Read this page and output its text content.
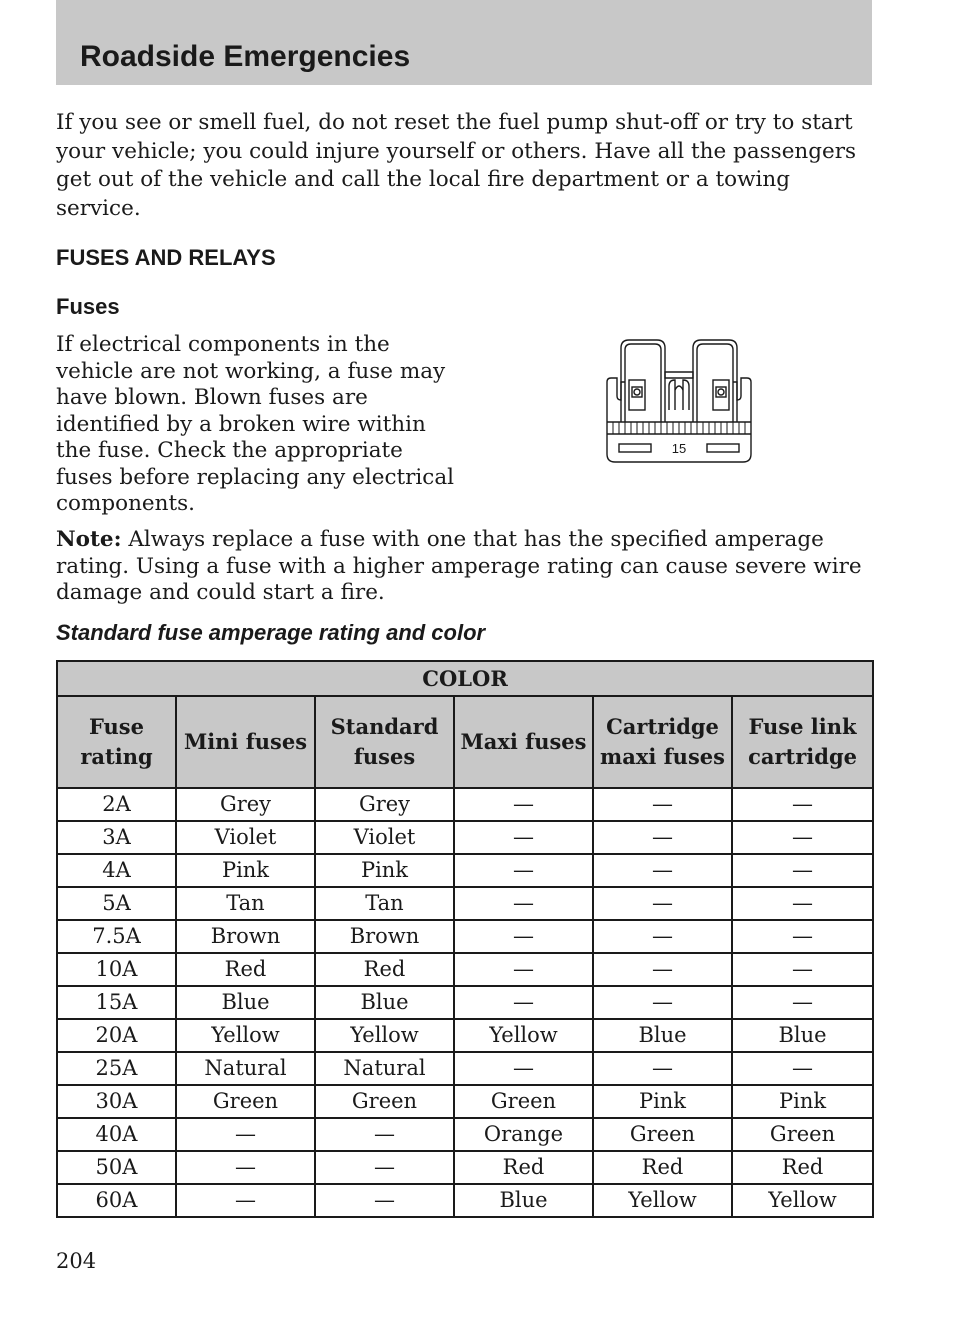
Roadside Emergencies

If you see or smell fuel, do not reset the fuel pump shut-off or try to start your vehicle; you could injure yourself or others. Have all the passengers get out of the vehicle and call the local fire department or a towing service.

FUSES AND RELAYS
Fuses

If electrical components in the vehicle are not working, a fuse may have blown. Blown fuses are identified by a broken wire within the fuse. Check the appropriate fuses before replacing any electrical components.

15

Note: Always replace a fuse with one that has the specified amperage rating. Using a fuse with a higher amperage rating can cause severe wire damage and could start a fire.

Standard fuse amperage rating and color

COLOR					
Fuse rating	Mini fuses	Standard fuses	Maxi fuses	Cartridge maxi fuses	Fuse link cartridge
2A	Grey	Grey	—	—	—
3A	Violet	Violet	—	—	—
4A	Pink	Pink	—	—	—
5A	Tan	Tan	—	—	—
7.5A	Brown	Brown	—	—	—
10A	Red	Red	—	—	—
15A	Blue	Blue	—	—	—
20A	Yellow	Yellow	Yellow	Blue	Blue
25A	Natural	Natural	—	—	—
30A	Green	Green	Green	Pink	Pink
40A	—	—	Orange	Green	Green
50A	—	—	Red	Red	Red
60A	—	—	Blue	Yellow	Yellow

204
